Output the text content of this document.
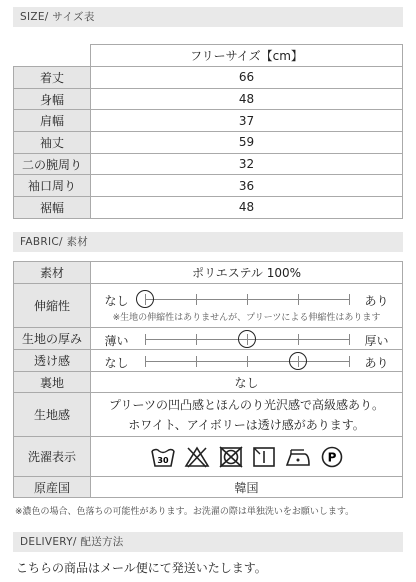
SIZE/ サイズ表
	フリーサイズ【cm】
着丈	66
身幅	48
肩幅	37
袖丈	59
二の腕周り	32
袖口周り	36
裾幅	48
FABRIC/ 素材
素材	ポリエステル 100%
伸縮性	なし あり
※生地の伸縮性はありませんが、プリーツによる伸縮性はあります

生地の厚み	薄い 厚い

透け感	なし あり

裏地	なし
生地感	プリーツの凹凸感とほんのり光沢感で高級感あり。
ホワイト、アイボリーは透け感があります。

洗濯表示	30 P

原産国	韓国
※濃色の場合、色落ちの可能性があります。お洗濯の際は単独洗いをお願いします。
DELIVERY/ 配送方法
こちらの商品はメール便にて発送いたします。
